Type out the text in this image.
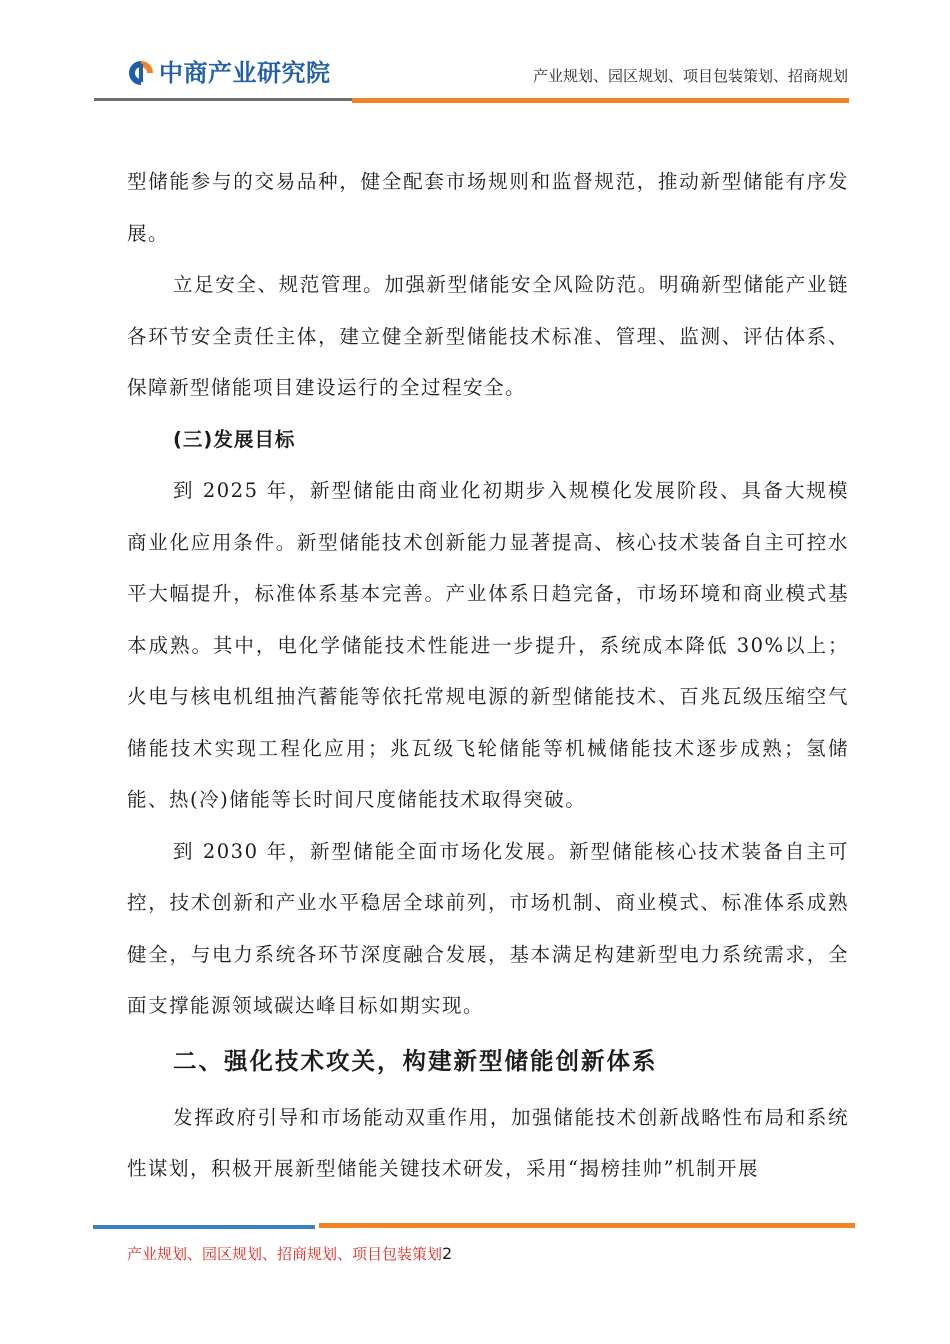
中商产业研究院	产业规划、园区规划、项目包装策划、招商规划

型储能参与的交易品种，健全配套市场规则和监督规范，推动新型储能有序发展。

立足安全、规范管理。加强新型储能安全风险防范。明确新型储能产业链各环节安全责任主体，建立健全新型储能技术标准、管理、监测、评估体系、保障新型储能项目建设运行的全过程安全。

(三)发展目标

到 2025 年，新型储能由商业化初期步入规模化发展阶段、具备大规模商业化应用条件。新型储能技术创新能力显著提高、核心技术装备自主可控水平大幅提升，标准体系基本完善。产业体系日趋完备，市场环境和商业模式基本成熟。其中，电化学储能技术性能进一步提升，系统成本降低 30%以上；火电与核电机组抽汽蓄能等依托常规电源的新型储能技术、百兆瓦级压缩空气储能技术实现工程化应用；兆瓦级飞轮储能等机械储能技术逐步成熟；氢储能、热(冷)储能等长时间尺度储能技术取得突破。

到 2030 年，新型储能全面市场化发展。新型储能核心技术装备自主可控，技术创新和产业水平稳居全球前列，市场机制、商业模式、标准体系成熟健全，与电力系统各环节深度融合发展，基本满足构建新型电力系统需求，全面支撑能源领域碳达峰目标如期实现。

二、强化技术攻关，构建新型储能创新体系

发挥政府引导和市场能动双重作用，加强储能技术创新战略性布局和系统性谋划，积极开展新型储能关键技术研发，采用“揭榜挂帅”机制开展

产业规划、园区规划、招商规划、项目包装策划2
